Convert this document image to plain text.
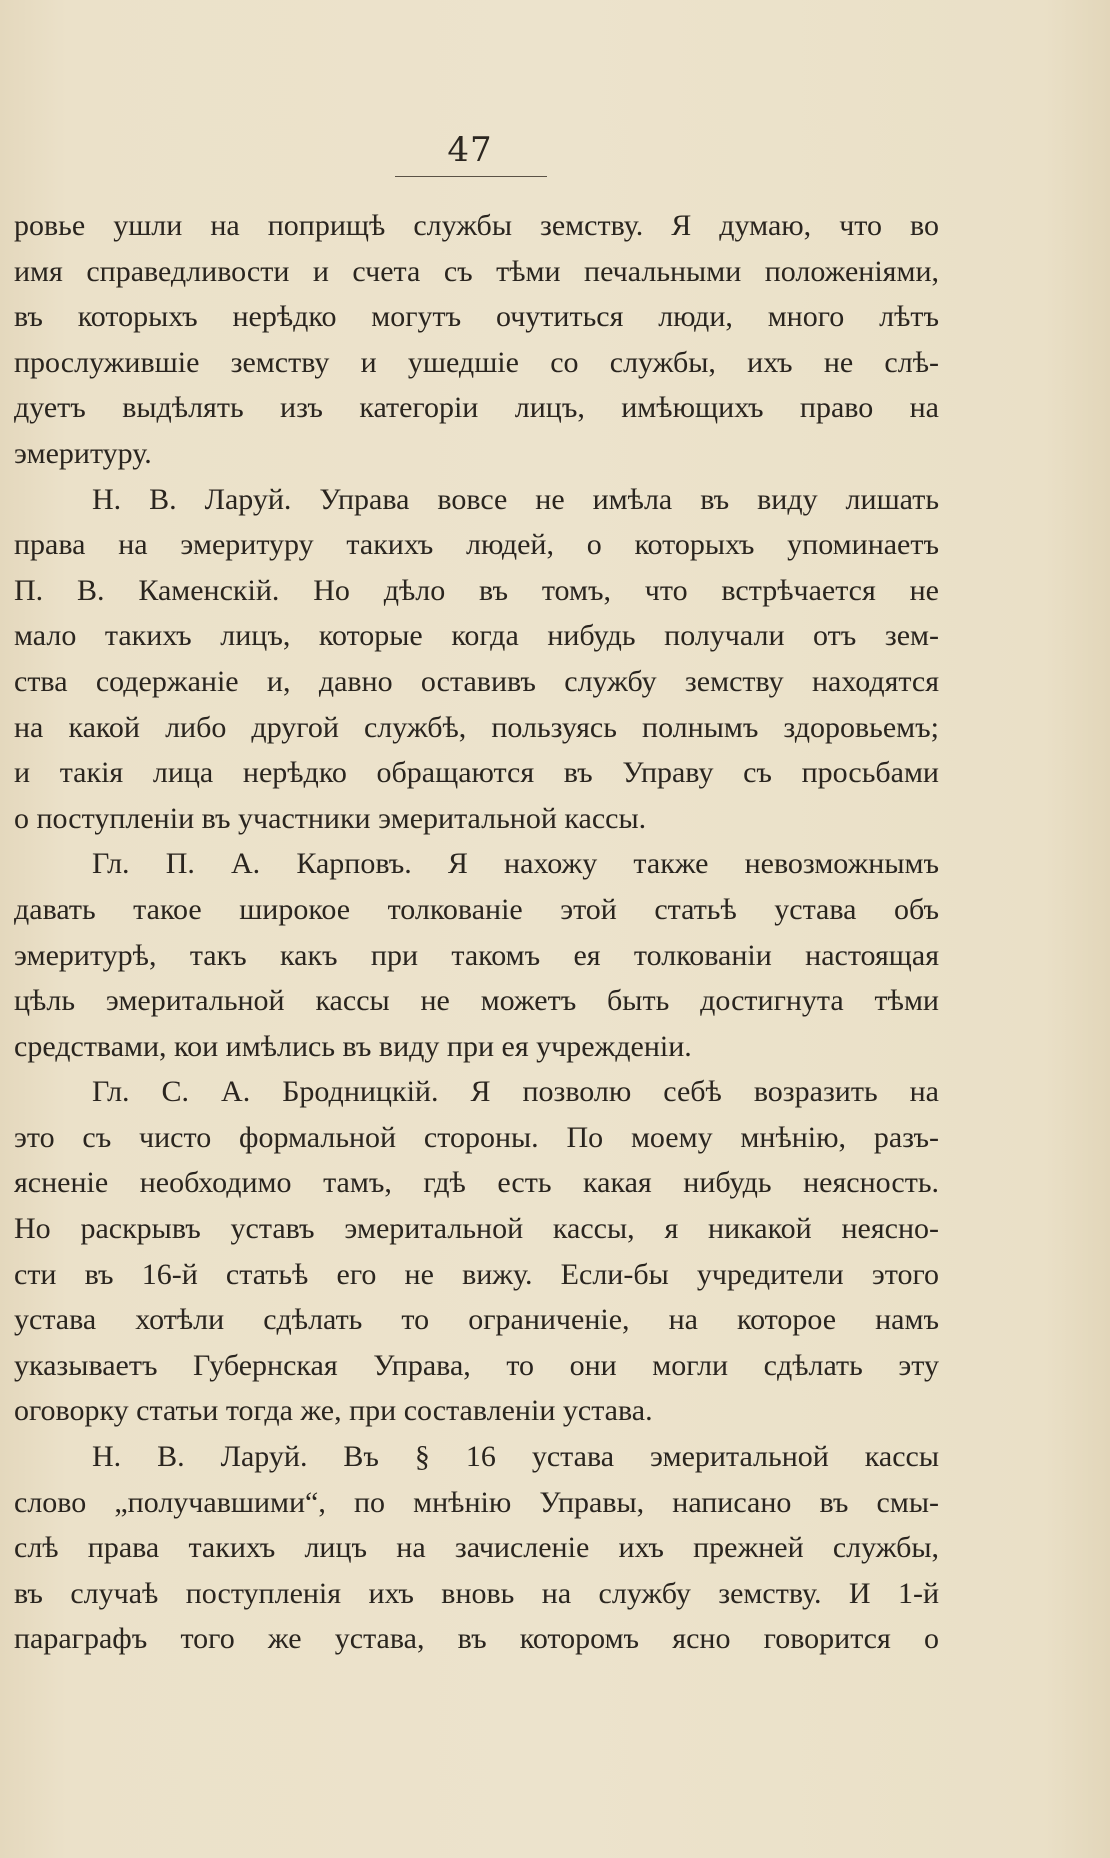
47
ровье ушли на поприщѣ службы земству. Я думаю, что во
имя справедливости и счета съ тѣми печальными положеніями,
въ которыхъ нерѣдко могутъ очутиться люди, много лѣтъ
прослужившіе земству и ушедшіе со службы, ихъ не слѣ-
дуетъ выдѣлять изъ категоріи лицъ, имѣющихъ право на
эмеритуру.
Н. В. Ларуй. Управа вовсе не имѣла въ виду лишать
права на эмеритуру такихъ людей, о которыхъ упоминаетъ
П. В. Каменскій. Но дѣло въ томъ, что встрѣчается не
мало такихъ лицъ, которые когда нибудь получали отъ зем-
ства содержаніе и, давно оставивъ службу земству находятся
на какой либо другой службѣ, пользуясь полнымъ здоровьемъ;
и такія лица нерѣдко обращаются въ Управу съ просьбами
о поступленіи въ участники эмеритальной кассы.
Гл. П. А. Карповъ. Я нахожу также невозможнымъ
давать такое широкое толкованіе этой статьѣ устава объ
эмеритурѣ, такъ какъ при такомъ ея толкованіи настоящая
цѣль эмеритальной кассы не можетъ быть достигнута тѣми
средствами, кои имѣлись въ виду при ея учрежденіи.
Гл. С. А. Бродницкій. Я позволю себѣ возразить на
это съ чисто формальной стороны. По моему мнѣнію, разъ-
ясненіе необходимо тамъ, гдѣ есть какая нибудь неясность.
Но раскрывъ уставъ эмеритальной кассы, я никакой неясно-
сти въ 16-й статьѣ его не вижу. Если-бы учредители этого
устава хотѣли сдѣлать то ограниченіе, на которое намъ
указываетъ Губернская Управа, то они могли сдѣлать эту
оговорку статьи тогда же, при составленіи устава.
Н. В. Ларуй. Въ § 16 устава эмеритальной кассы
слово „получавшими“, по мнѣнію Управы, написано въ смы-
слѣ права такихъ лицъ на зачисленіе ихъ прежней службы,
въ случаѣ поступленія ихъ вновь на службу земству. И 1-й
параграфъ того же устава, въ которомъ ясно говорится о
